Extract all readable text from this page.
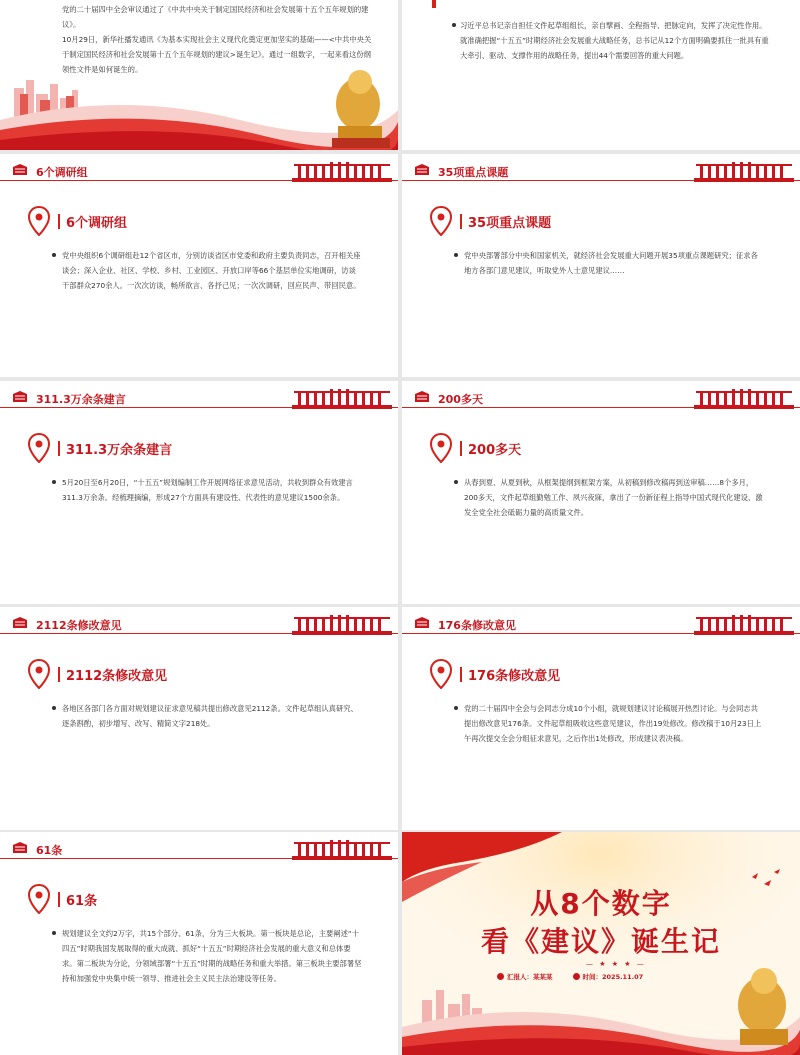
党的二十届四中全会审议通过了《中共中央关于制定国民经济和社会发展第十五个五年规划的建议》。
10月29日，新华社播发通讯《为基本实现社会主义现代化奠定更加坚实的基础——<中共中央关于制定国民经济和社会发展第十五个五年规划的建议>诞生记》。通过一组数字，一起来看这份纲领性文件是如何诞生的。
习近平总书记亲自担任文件起草组组长，亲自擘画、全程指导、把脉定向，发挥了决定性作用。就准确把握“十五五”时期经济社会发展重大战略任务，总书记从12个方面明确要抓住一批具有重大牵引、驱动、支撑作用的战略任务，提出44个需要回答的重大问题。
6个调研组
6个调研组
党中央组织6个调研组赴12个省区市，分别访谈省区市党委和政府主要负责同志，召开相关座谈会；深入企业、社区、学校、乡村、工业园区、开放口岸等66个基层单位实地调研，访谈干部群众270余人。一次次访谈，畅所欲言、各抒己见；一次次调研，回应民声、带回民意。
35项重点课题
35项重点课题
党中央部署部分中央和国家机关，就经济社会发展重大问题开展35项重点课题研究；征求各地方各部门意见建议，听取党外人士意见建议……
311.3万余条建言
311.3万余条建言
5月20日至6月20日，“十五五”规划编制工作开展网络征求意见活动，共收到群众有效建言311.3万余条。经梳理摘编，形成27个方面具有建设性、代表性的意见建议1500余条。
200多天
200多天
从春到夏、从夏到秋，从框架提纲到框架方案，从初稿到修改稿再到送审稿……8个多月，200多天，文件起草组勤勉工作、夙兴夜寐，拿出了一份新征程上指导中国式现代化建设、激发全党全社会砥砺力量的高质量文件。
2112条修改意见
2112条修改意见
各地区各部门各方面对规划建议征求意见稿共提出修改意见2112条。文件起草组认真研究、逐条斟酌，初步增写、改写、精简文字218处。
176条修改意见
176条修改意见
党的二十届四中全会与会同志分成10个小组，就规划建议讨论稿展开热烈讨论。与会同志共提出修改意见176条。文件起草组吸收这些意见建议，作出19处修改。修改稿于10月23日上午再次提交全会分组征求意见，之后作出1处修改，形成建议表决稿。
61条
61条
规划建议全文约2万字，共15个部分、61条，分为三大板块。第一板块是总论，主要阐述“十四五”时期我国发展取得的重大成就、抓好“十五五”时期经济社会发展的重大意义和总体要求。第二板块为分论，分领域部署“十五五”时期的战略任务和重大举措。第三板块主要部署坚持和加强党中央集中统一领导、推进社会主义民主法治建设等任务。
从8个数字
看《建议》诞生记
— ★ ★ ★ —
汇报人：某某某	时间：2025.11.07
